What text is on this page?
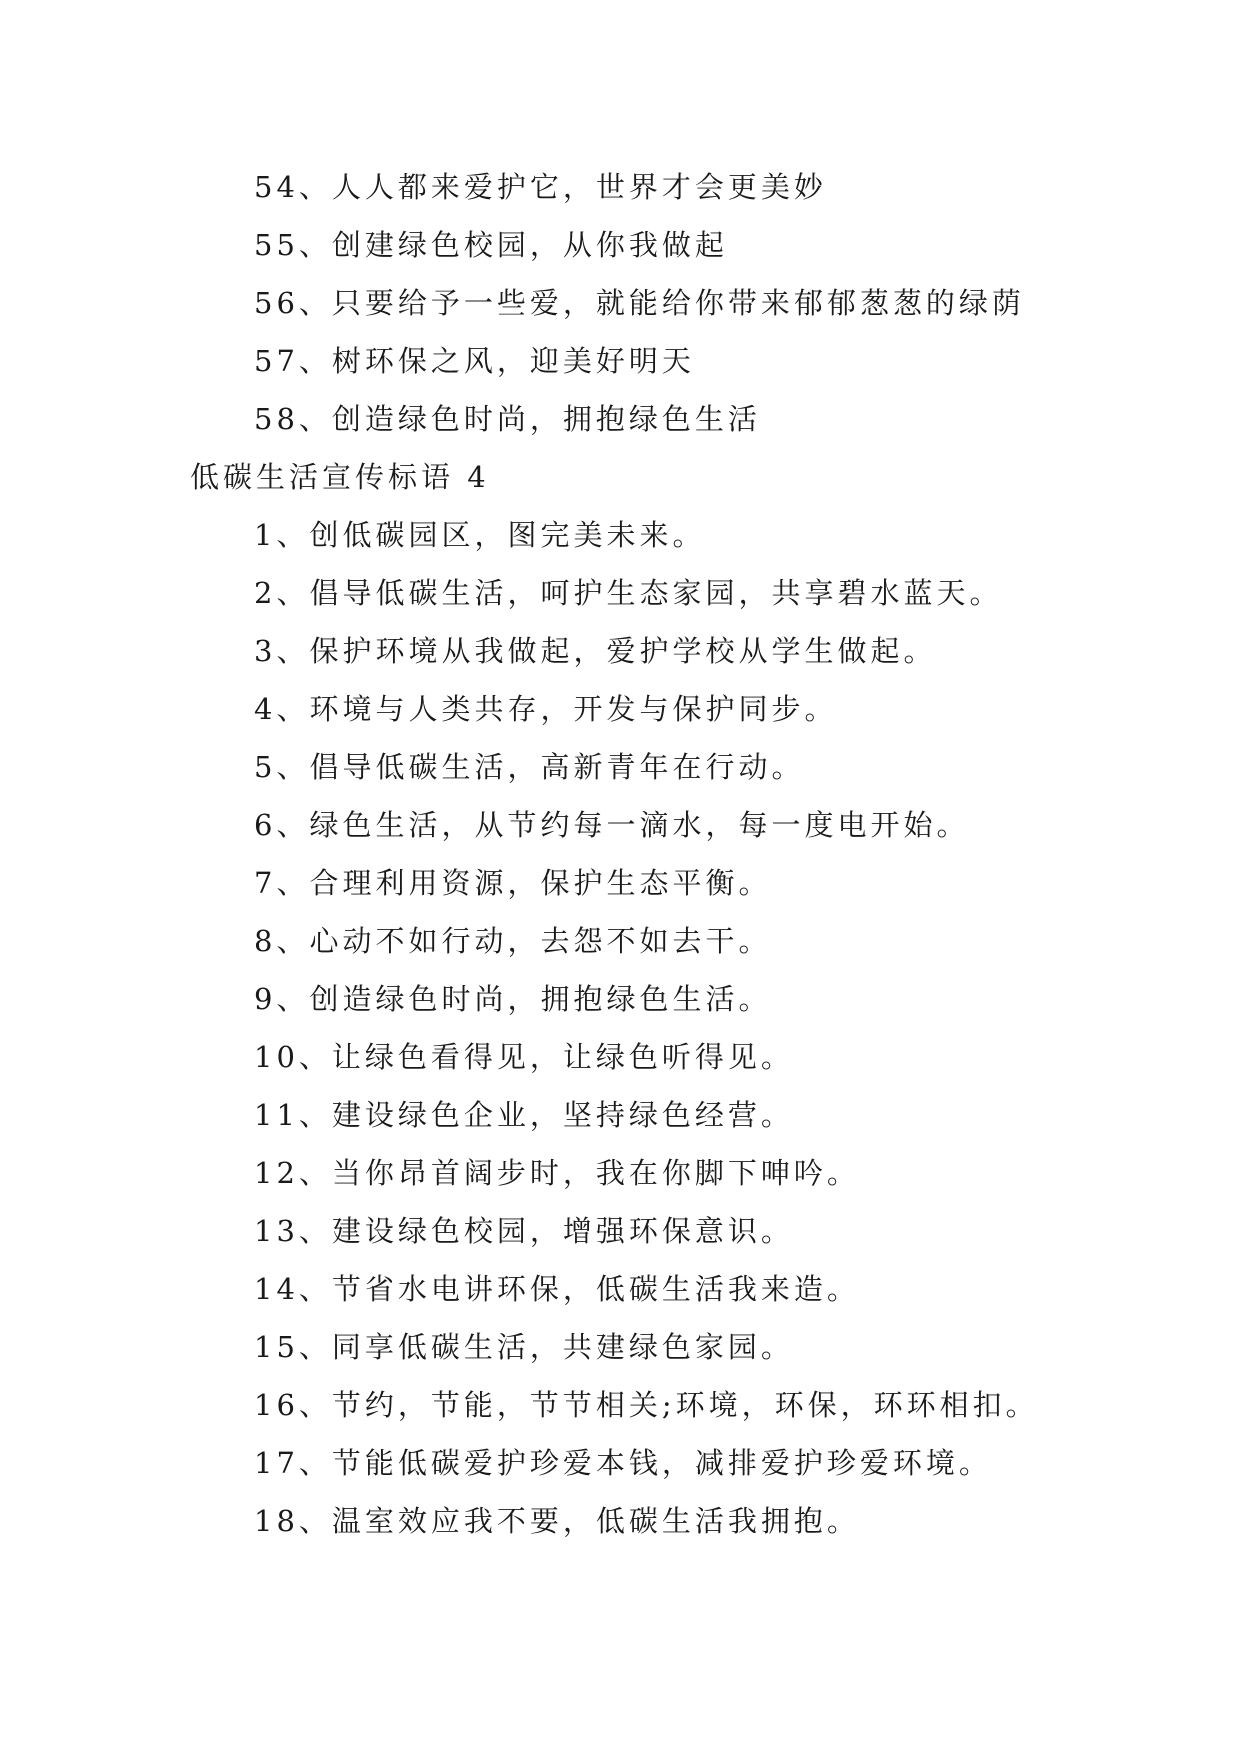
54、人人都来爱护它，世界才会更美妙
55、创建绿色校园，从你我做起
56、只要给予一些爱，就能给你带来郁郁葱葱的绿荫
57、树环保之风，迎美好明天
58、创造绿色时尚，拥抱绿色生活
低碳生活宣传标语 4
1、创低碳园区，图完美未来。
2、倡导低碳生活，呵护生态家园，共享碧水蓝天。
3、保护环境从我做起，爱护学校从学生做起。
4、环境与人类共存，开发与保护同步。
5、倡导低碳生活，高新青年在行动。
6、绿色生活，从节约每一滴水，每一度电开始。
7、合理利用资源，保护生态平衡。
8、心动不如行动，去怨不如去干。
9、创造绿色时尚，拥抱绿色生活。
10、让绿色看得见，让绿色听得见。
11、建设绿色企业，坚持绿色经营。
12、当你昂首阔步时，我在你脚下呻吟。
13、建设绿色校园，增强环保意识。
14、节省水电讲环保，低碳生活我来造。
15、同享低碳生活，共建绿色家园。
16、节约，节能，节节相关;环境，环保，环环相扣。
17、节能低碳爱护珍爱本钱，减排爱护珍爱环境。
18、温室效应我不要，低碳生活我拥抱。
